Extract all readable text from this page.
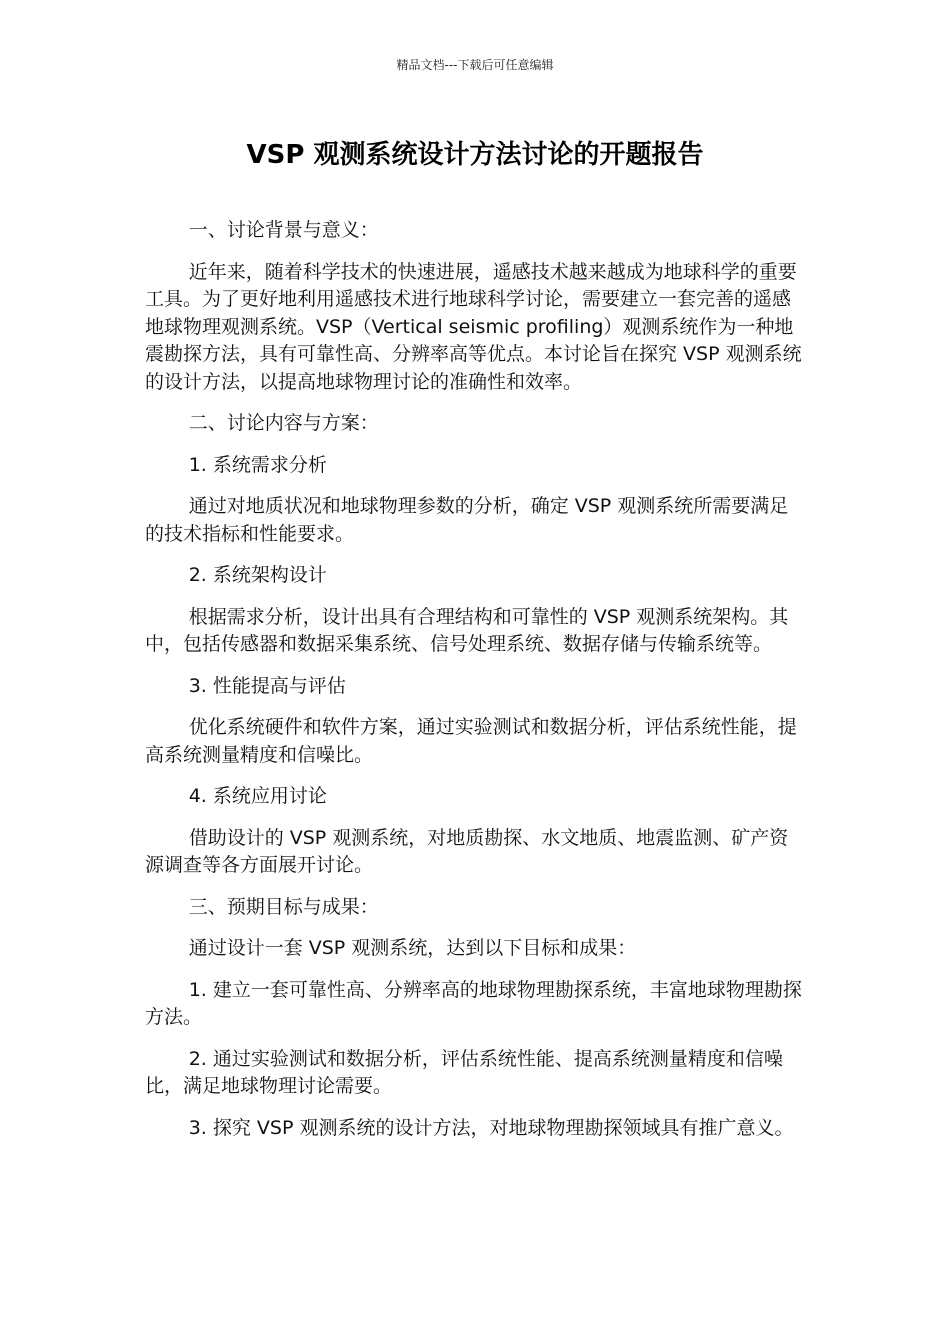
精品文档---下载后可任意编辑
VSP 观测系统设计方法讨论的开题报告

一、讨论背景与意义：

近年来，随着科学技术的快速进展，遥感技术越来越成为地球科学的重要工具。为了更好地利用遥感技术进行地球科学讨论，需要建立一套完善的遥感地球物理观测系统。VSP（Vertical seismic profiling）观测系统作为一种地震勘探方法，具有可靠性高、分辨率高等优点。本讨论旨在探究 VSP 观测系统的设计方法，以提高地球物理讨论的准确性和效率。

二、讨论内容与方案：

1. 系统需求分析

通过对地质状况和地球物理参数的分析，确定 VSP 观测系统所需要满足的技术指标和性能要求。

2. 系统架构设计

根据需求分析，设计出具有合理结构和可靠性的 VSP 观测系统架构。其中，包括传感器和数据采集系统、信号处理系统、数据存储与传输系统等。

3. 性能提高与评估

优化系统硬件和软件方案，通过实验测试和数据分析，评估系统性能，提高系统测量精度和信噪比。

4. 系统应用讨论

借助设计的 VSP 观测系统，对地质勘探、水文地质、地震监测、矿产资源调查等各方面展开讨论。

三、预期目标与成果：

通过设计一套 VSP 观测系统，达到以下目标和成果：

1. 建立一套可靠性高、分辨率高的地球物理勘探系统，丰富地球物理勘探方法。

2. 通过实验测试和数据分析，评估系统性能、提高系统测量精度和信噪比，满足地球物理讨论需要。

3. 探究 VSP 观测系统的设计方法，对地球物理勘探领域具有推广意义。
